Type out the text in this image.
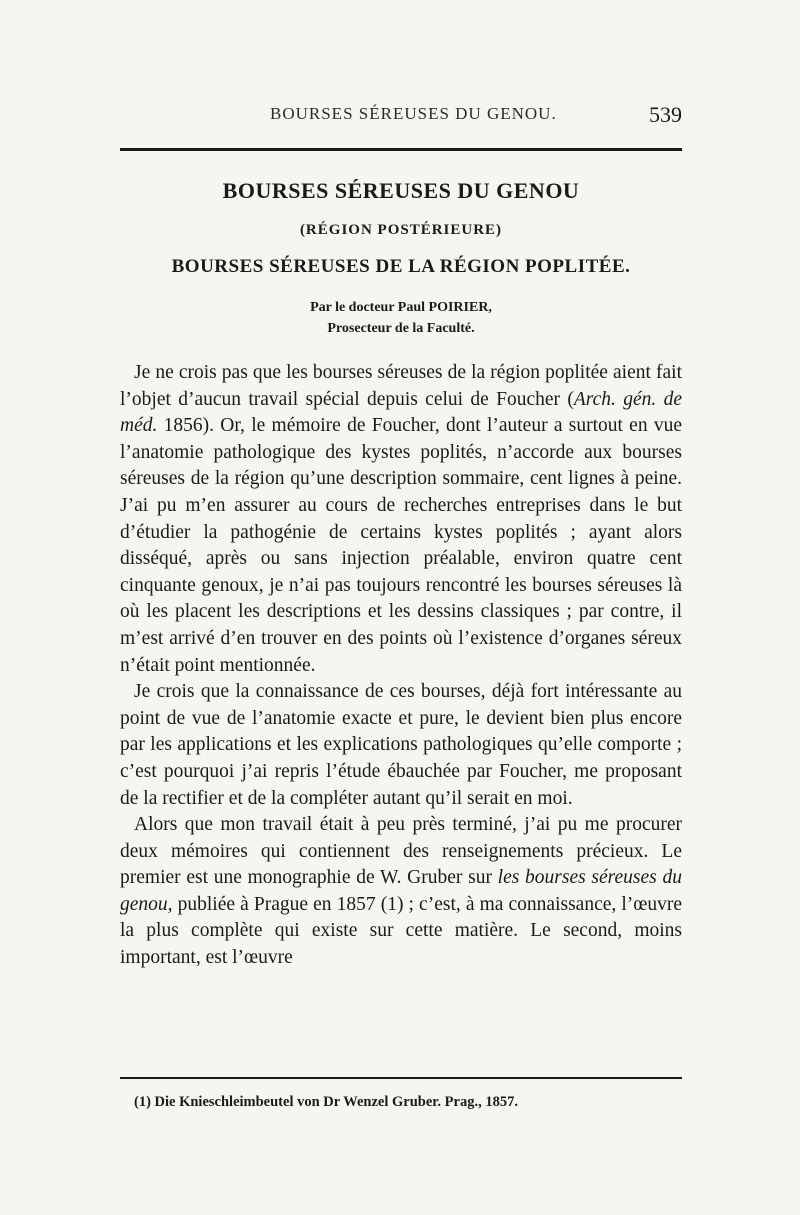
BOURSES SÉREUSES DU GENOU.	539
BOURSES SÉREUSES DU GENOU
(RÉGION POSTÉRIEURE)
BOURSES SÉREUSES DE LA RÉGION POPLITÉE.
Par le docteur Paul POIRIER,
Prosecteur de la Faculté.

Je ne crois pas que les bourses séreuses de la région poplitée aient fait l’objet d’aucun travail spécial depuis celui de Foucher (Arch. gén. de méd. 1856). Or, le mémoire de Foucher, dont l’auteur a surtout en vue l’anatomie pathologique des kystes poplités, n’accorde aux bourses séreuses de la région qu’une description sommaire, cent lignes à peine. J’ai pu m’en assurer au cours de recherches entreprises dans le but d’étudier la pathogénie de certains kystes poplités ; ayant alors disséqué, après ou sans injection préalable, environ quatre cent cinquante genoux, je n’ai pas toujours rencontré les bourses séreuses là où les placent les descriptions et les dessins classiques ; par contre, il m’est arrivé d’en trouver en des points où l’existence d’organes séreux n’était point mentionnée.

Je crois que la connaissance de ces bourses, déjà fort intéressante au point de vue de l’anatomie exacte et pure, le devient bien plus encore par les applications et les explications pathologiques qu’elle comporte ; c’est pourquoi j’ai repris l’étude ébauchée par Foucher, me proposant de la rectifier et de la compléter autant qu’il serait en moi.

Alors que mon travail était à peu près terminé, j’ai pu me procurer deux mémoires qui contiennent des renseignements précieux. Le premier est une monographie de W. Gruber sur les bourses séreuses du genou, publiée à Prague en 1857 (1) ; c’est, à ma connaissance, l’œuvre la plus complète qui existe sur cette matière. Le second, moins important, est l’œuvre

(1) Die Knieschleimbeutel von Dr Wenzel Gruber. Prag., 1857.
